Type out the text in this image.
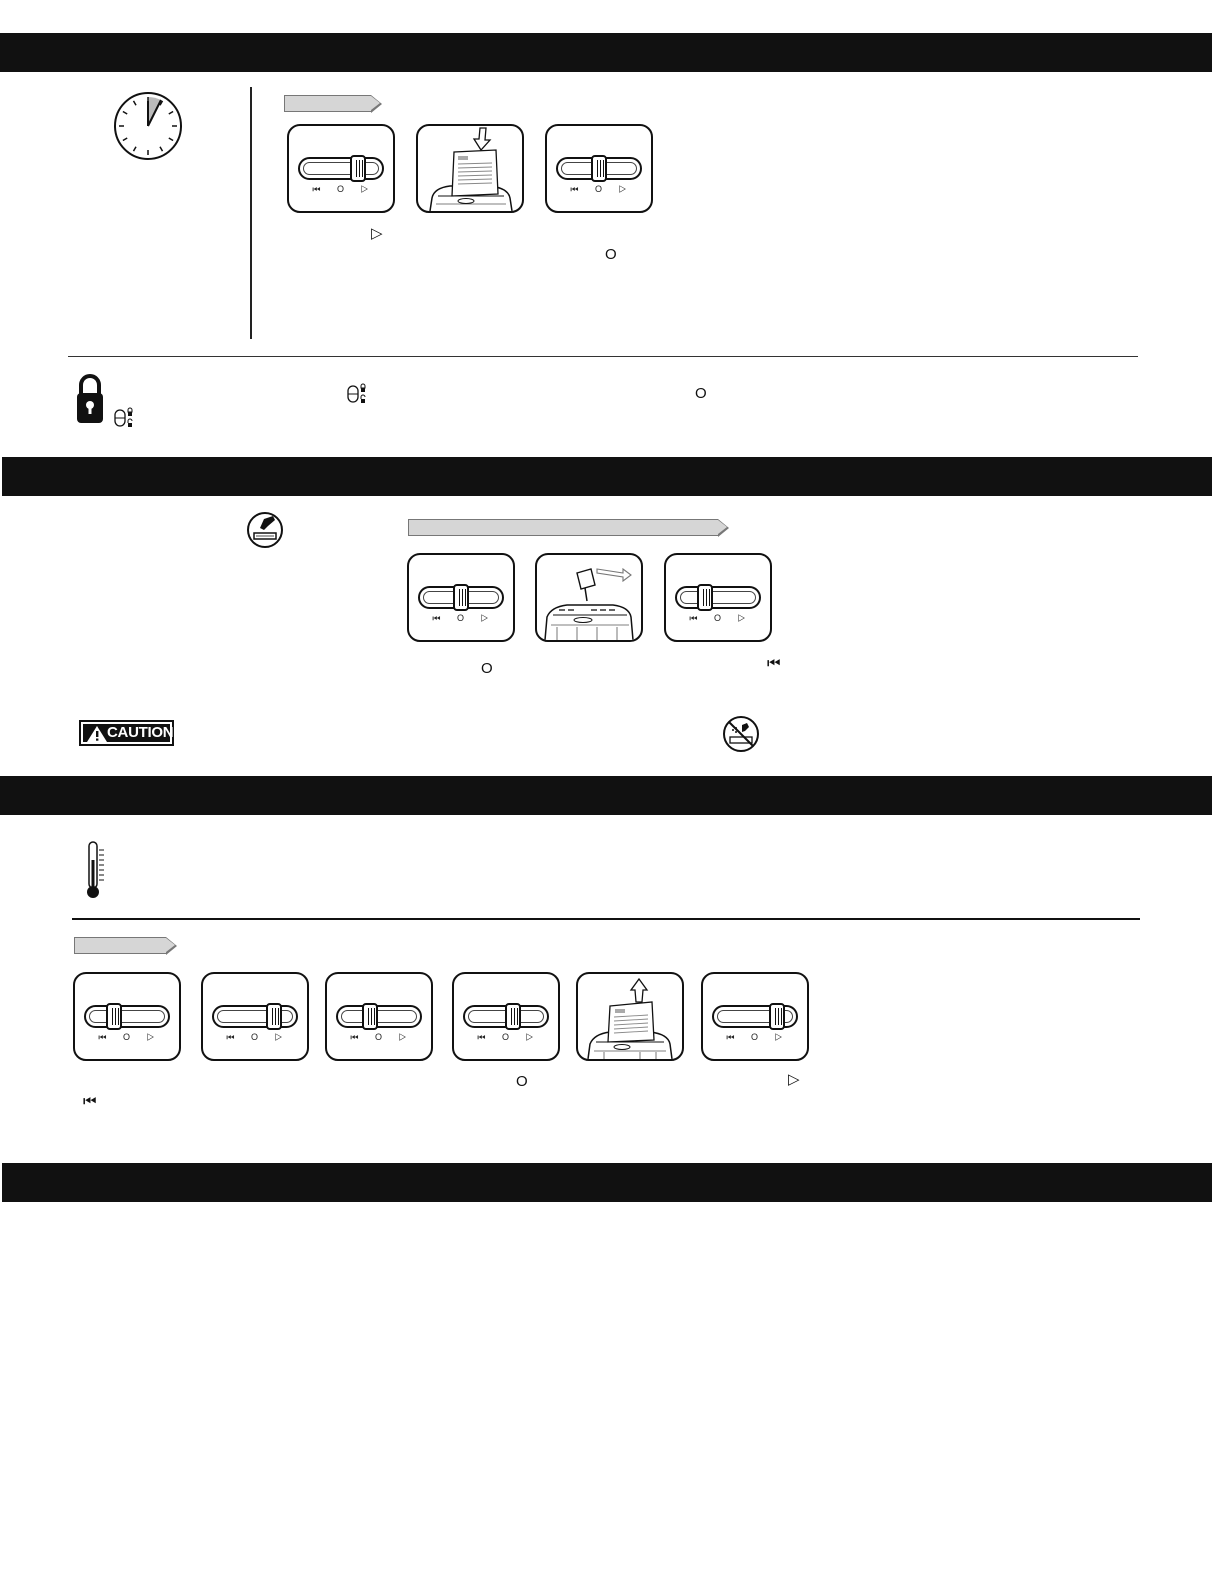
⏮ O ▷	⏮ O ▷
▷
O
O
⏮ O ▷	⏮ O ▷
O	⏮
CAUTION
⏮ O ▷	⏮ O ▷	⏮ O ▷	⏮ O ▷	⏮ O ▷
O	▷
⏮
